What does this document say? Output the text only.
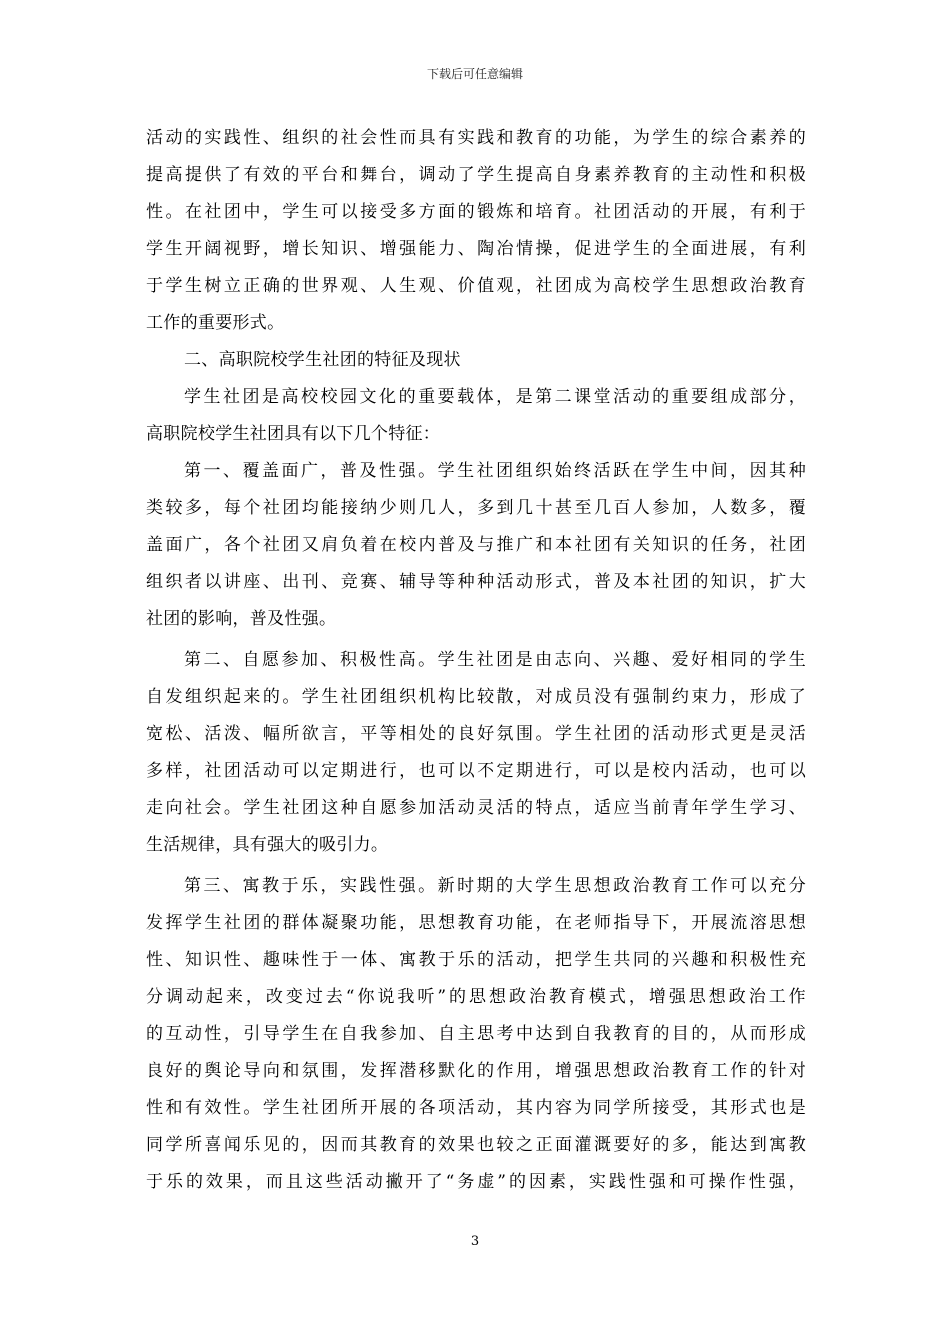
下载后可任意编辑
活动的实践性、组织的社会性而具有实践和教育的功能，为学生的综合素养的
提高提供了有效的平台和舞台，调动了学生提高自身素养教育的主动性和积极
性。在社团中，学生可以接受多方面的锻炼和培育。社团活动的开展，有利于
学生开阔视野，增长知识、增强能力、陶冶情操，促进学生的全面进展，有利
于学生树立正确的世界观、人生观、价值观，社团成为高校学生思想政治教育
工作的重要形式。
二、高职院校学生社团的特征及现状
学生社团是高校校园文化的重要载体，是第二课堂活动的重要组成部分，
高职院校学生社团具有以下几个特征：
第一、覆盖面广，普及性强。学生社团组织始终活跃在学生中间，因其种
类较多，每个社团均能接纳少则几人，多到几十甚至几百人参加，人数多，覆
盖面广，各个社团又肩负着在校内普及与推广和本社团有关知识的任务，社团
组织者以讲座、出刊、竞赛、辅导等种种活动形式，普及本社团的知识，扩大
社团的影响，普及性强。
第二、自愿参加、积极性高。学生社团是由志向、兴趣、爱好相同的学生
自发组织起来的。学生社团组织机构比较散，对成员没有强制约束力，形成了
宽松、活泼、幅所欲言，平等相处的良好氛围。学生社团的活动形式更是灵活
多样，社团活动可以定期进行，也可以不定期进行，可以是校内活动，也可以
走向社会。学生社团这种自愿参加活动灵活的特点，适应当前青年学生学习、
生活规律，具有强大的吸引力。
第三、寓教于乐，实践性强。新时期的大学生思想政治教育工作可以充分
发挥学生社团的群体凝聚功能，思想教育功能，在老师指导下，开展流溶思想
性、知识性、趣味性于一体、寓教于乐的活动，把学生共同的兴趣和积极性充
分调动起来，改变过去“你说我听”的思想政治教育模式，增强思想政治工作
的互动性，引导学生在自我参加、自主思考中达到自我教育的目的，从而形成
良好的舆论导向和氛围，发挥潜移默化的作用，增强思想政治教育工作的针对
性和有效性。学生社团所开展的各项活动，其内容为同学所接受，其形式也是
同学所喜闻乐见的，因而其教育的效果也较之正面灌溉要好的多，能达到寓教
于乐的效果，而且这些活动撇开了“务虚”的因素，实践性强和可操作性强，
3
